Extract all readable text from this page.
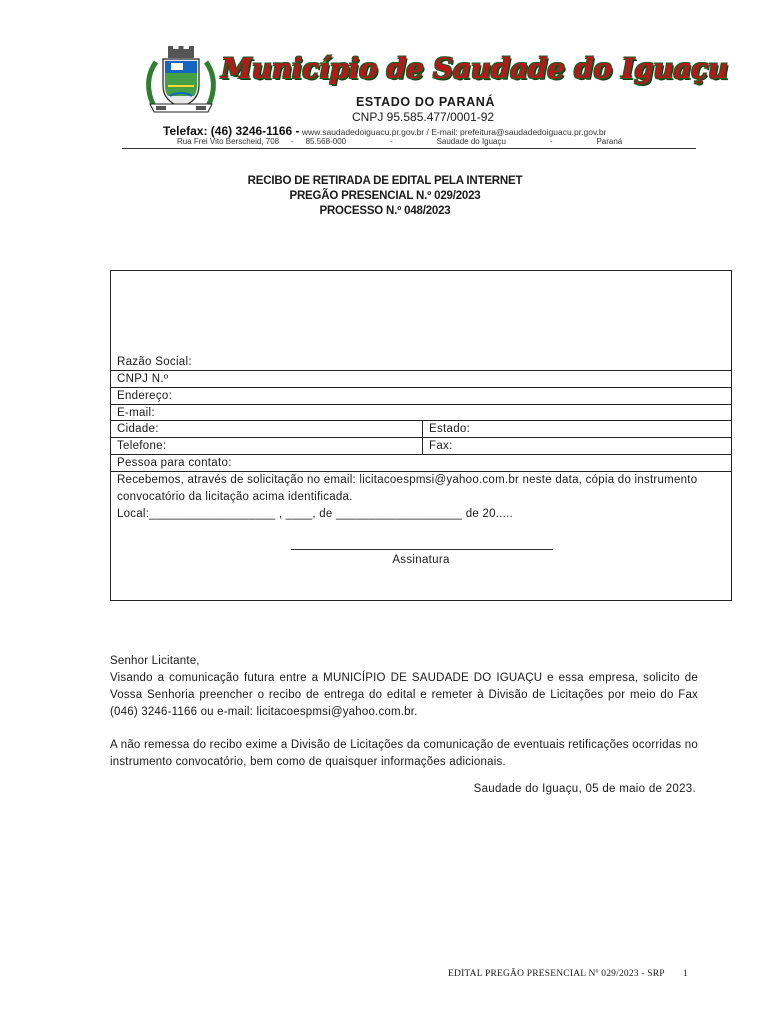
Município de Saudade do Iguaçu
ESTADO DO PARANÁ
CNPJ 95.585.477/0001-92
Telefax: (46) 3246-1166 - www.saudadedoiguacu.pr.gov.br / E-mail: prefeitura@saudadedoiguacu.pr.gov.br
Rua Frei Vito Berscheid, 708 - 85.568-000	-	Saudade do Iguaçu	-	Paraná
RECIBO DE RETIRADA DE EDITAL PELA INTERNET
PREGÃO PRESENCIAL N.º 029/2023
PROCESSO N.º 048/2023
Razão Social:
CNPJ N.º
Endereço:
E-mail:
Cidade:	Estado:
Telefone:	Fax:
Pessoa para contato:
Recebemos, através de solicitação no email: licitacoespmsi@yahoo.com.br neste data, cópia do instrumento convocatório da licitação acima identificada.
Local:___________________ , ____, de ___________________ de 20.....
Assinatura

Senhor Licitante,

Visando a comunicação futura entre a MUNICÍPIO DE SAUDADE DO IGUAÇU e essa empresa, solicito de Vossa Senhoria preencher o recibo de entrega do edital e remeter à Divisão de Licitações por meio do Fax (046) 3246-1166 ou e-mail: licitacoespmsi@yahoo.com.br.

A não remessa do recibo exime a Divisão de Licitações da comunicação de eventuais retificações ocorridas no instrumento convocatório, bem como de quaisquer informações adicionais.

Saudade do Iguaçu, 05 de maio de 2023.
EDITAL PREGÃO PRESENCIAL Nº 029/2023 - SRP 1
